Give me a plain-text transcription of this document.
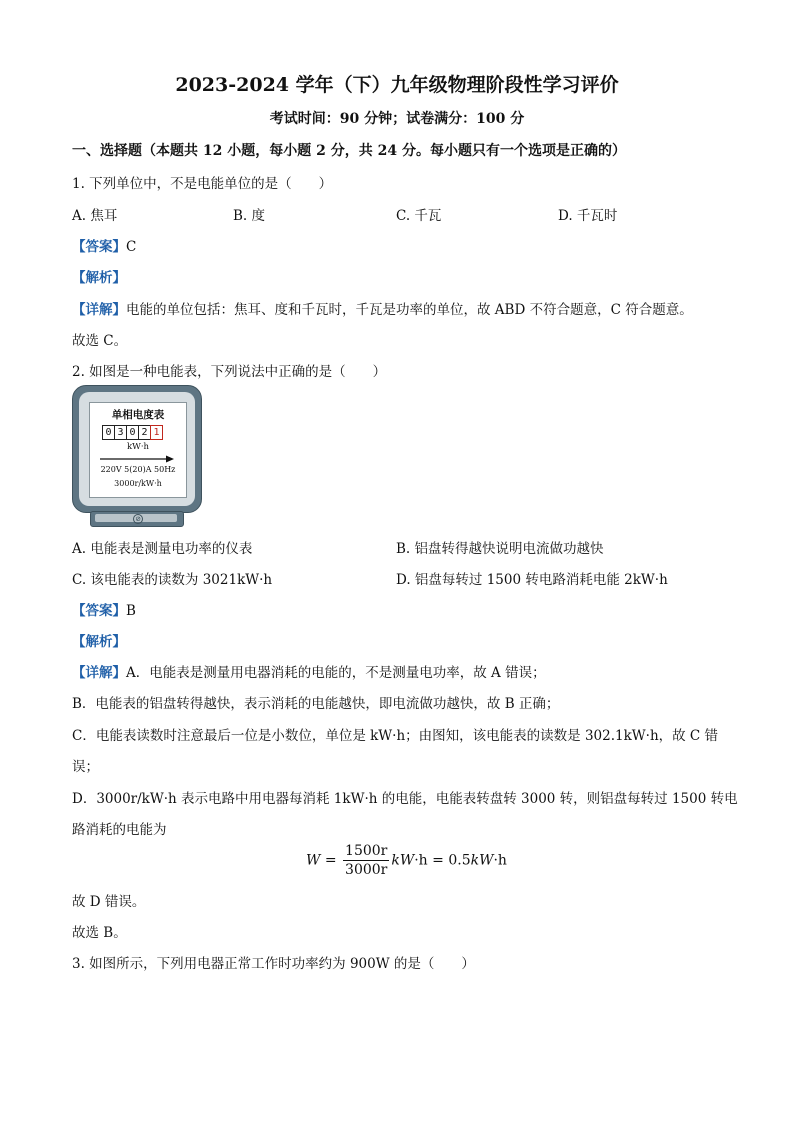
2023-2024 学年（下）九年级物理阶段性学习评价
考试时间：90 分钟；试卷满分：100 分
一、选择题（本题共 12 小题，每小题 2 分，共 24 分。每小题只有一个选项是正确的）
1. 下列单位中，不是电能单位的是（　　）
A. 焦耳	B. 度	C. 千瓦	D. 千瓦时
【答案】C
【解析】
【详解】电能的单位包括：焦耳、度和千瓦时，千瓦是功率的单位，故 ABD 不符合题意，C 符合题意。
故选 C。
2. 如图是一种电能表，下列说法中正确的是（　　）
单相电度表
0 3 0 2 1
kW·h
220V 5(20)A 50Hz
3000r/kW·h
⊘
A. 电能表是测量电功率的仪表	B. 铝盘转得越快说明电流做功越快
C. 该电能表的读数为 3021kW·h	D. 铝盘每转过 1500 转电路消耗电能 2kW·h
【答案】B
【解析】
【详解】A．电能表是测量用电器消耗的电能的，不是测量电功率，故 A 错误；
B．电能表的铝盘转得越快，表示消耗的电能越快，即电流做功越快，故 B 正确；
C．电能表读数时注意最后一位是小数位，单位是 kW·h；由图知，该电能表的读数是 302.1kW·h，故 C 错
误；
D．3000r/kW·h 表示电路中用电器每消耗 1kW·h 的电能，电能表转盘转 3000 转，则铝盘每转过 1500 转电
路消耗的电能为
$W = \frac{1500r}{3000r} kW\cdot h = 0.5kW\cdot h$
故 D 错误。
故选 B。
3. 如图所示，下列用电器正常工作时功率约为 900W 的是（　　）
